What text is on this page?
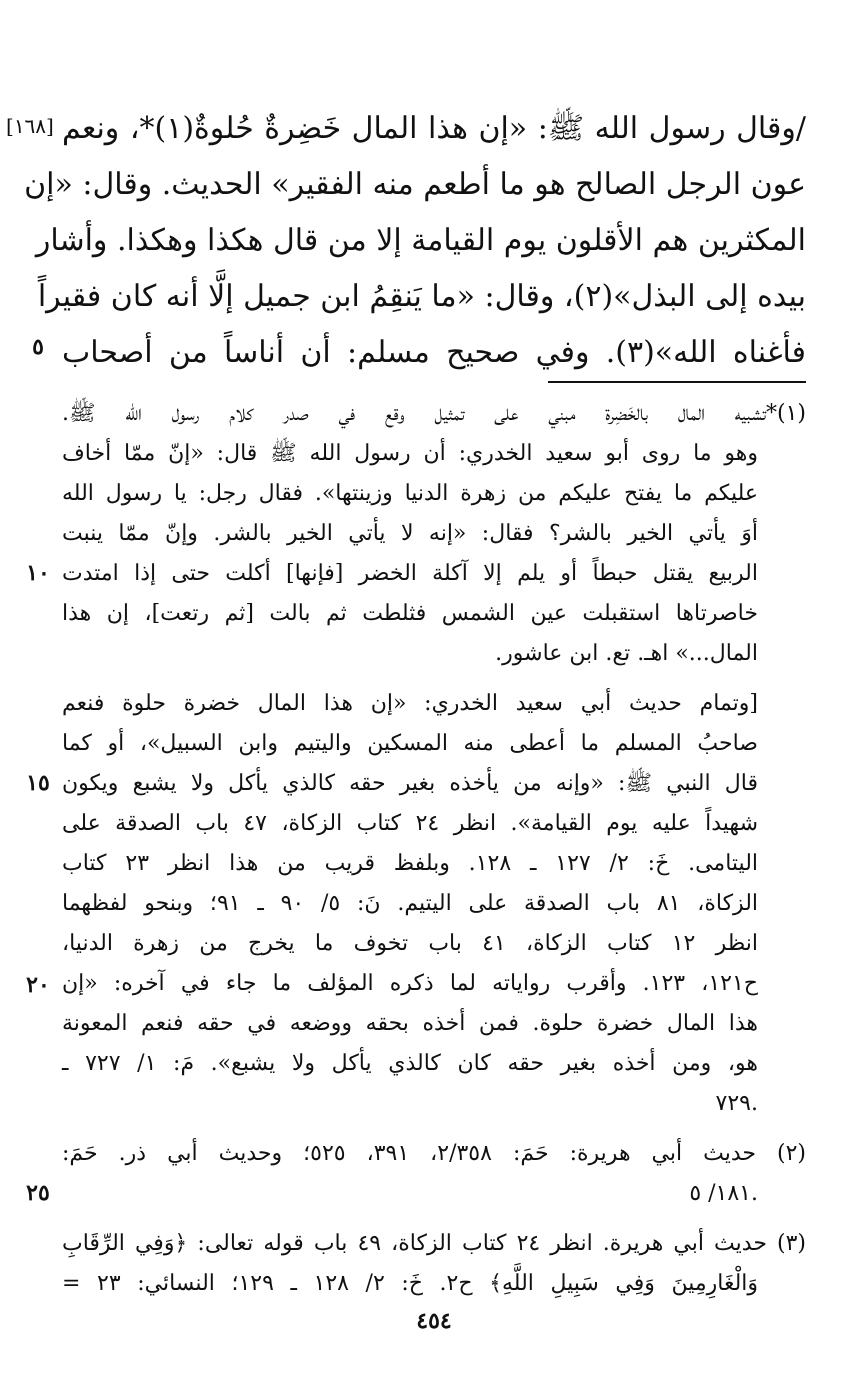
[١٦٨] /وقال رسول الله ﷺ: «إن هذا المال خَضِرةٌ حُلوةٌ(١)*، ونعم
عون الرجل الصالح هو ما أطعم منه الفقير» الحديث. وقال: «إن
المكثرين هم الأقلون يوم القيامة إلا من قال هكذا وهكذا. وأشار
بيده إلى البذل»(٢)، وقال: «ما يَنقِمُ ابن جميل إلَّا أنه كان فقيراً
فأغناه الله»(٣). وفي صحيح مسلم: أن أناساً من أصحاب
٥
(١)*تشبيه المال بالخَضِرة مبني على تمثيل وقع في صدر كلام رسول الله ﷺ.
وهو ما روى أبو سعيد الخدري: أن رسول الله ﷺ قال: «إنّ ممّا أخاف
عليكم ما يفتح عليكم من زهرة الدنيا وزينتها». فقال رجل: يا رسول الله
أوَ يأتي الخير بالشر؟ فقال: «إنه لا يأتي الخير بالشر. وإنّ ممّا ينبت
الربيع يقتل حبطاً أو يلم إلا آكلة الخضر [فإنها] أكلت حتى إذا امتدت
١٠
خاصرتاها استقبلت عين الشمس فثلطت ثم بالت [ثم رتعت]، إن هذا
المال...» اهـ. تع. ابن عاشور.
[وتمام حديث أبي سعيد الخدري: «إن هذا المال خضرة حلوة فنعم
صاحبُ المسلم ما أعطى منه المسكين واليتيم وابن السبيل»، أو كما
قال النبي ﷺ: «وإنه من يأخذه بغير حقه كالذي يأكل ولا يشبع ويكون
١٥
شهيداً عليه يوم القيامة». انظر ٢٤ كتاب الزكاة، ٤٧ باب الصدقة على
اليتامى. خَ: ٢/ ١٢٧ ـ ١٢٨. وبلفظ قريب من هذا انظر ٢٣ كتاب
الزكاة، ٨١ باب الصدقة على اليتيم. نَ: ٥/ ٩٠ ـ ٩١؛ وبنحو لفظهما
انظر ١٢ كتاب الزكاة، ٤١ باب تخوف ما يخرج من زهرة الدنيا،
ح١٢١، ١٢٣. وأقرب رواياته لما ذكره المؤلف ما جاء في آخره: «إن
٢٠
هذا المال خضرة حلوة. فمن أخذه بحقه ووضعه في حقه فنعم المعونة
هو، ومن أخذه بغير حقه كان كالذي يأكل ولا يشبع». مَ: ١/ ٧٢٧ ـ
.٧٢٩
(٢) حديث أبي هريرة: حَمَ: ٢/٣٥٨، ٣٩١، ٥٢٥؛ وحديث أبي ذر. حَمَ:
.١٨١/ ٥
٢٥
(٣) حديث أبي هريرة. انظر ٢٤ كتاب الزكاة، ٤٩ باب قوله تعالى: ﴿وَفِي الرِّقَابِ
وَالْغَارِمِينَ وَفِي سَبِيلِ اللَّهِ﴾ ح٢. خَ: ٢/ ١٢٨ ـ ١٢٩؛ النسائي: ٢٣ =
٤٥٤
